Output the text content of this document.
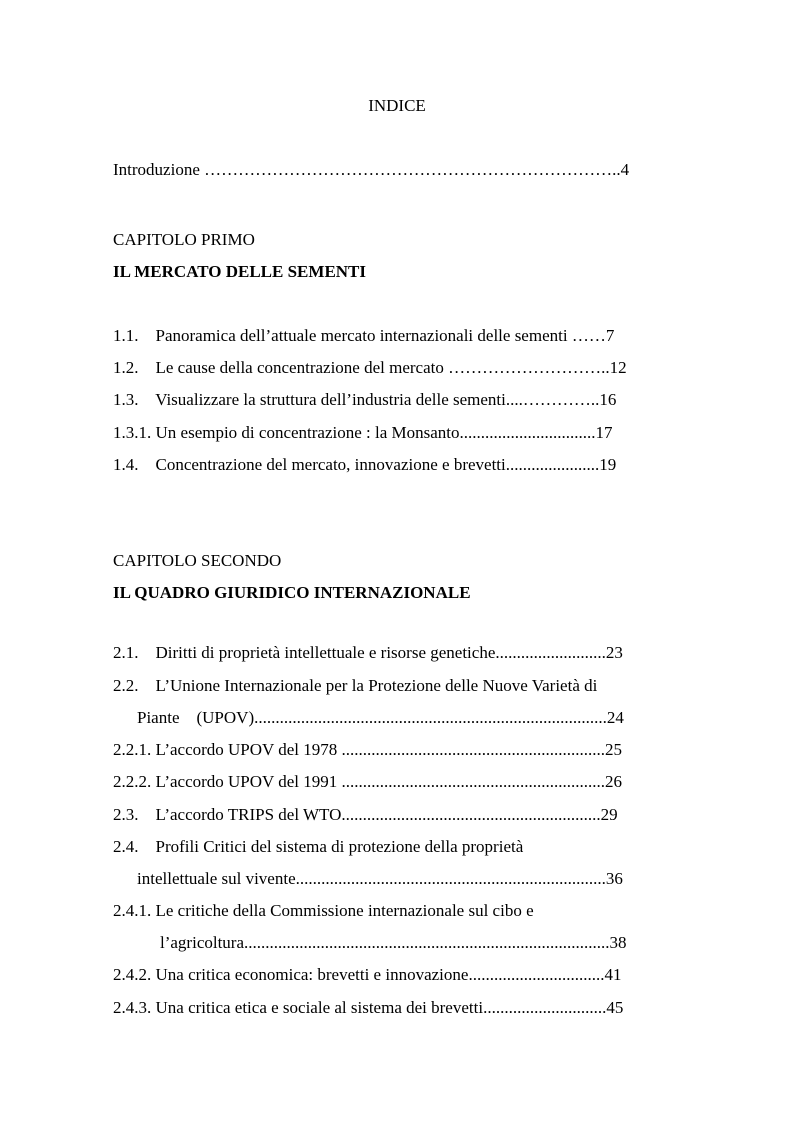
INDICE
Introduzione ………………………………………………………………..4
CAPITOLO PRIMO
IL MERCATO DELLE SEMENTI
1.1. Panoramica dell’attuale mercato internazionali delle sementi ……7
1.2. Le cause della concentrazione del mercato ………………………..12
1.3. Visualizzare la struttura dell’industria delle sementi....…………..16
1.3.1. Un esempio di concentrazione : la Monsanto................................17
1.4. Concentrazione del mercato, innovazione e brevetti......................19
CAPITOLO SECONDO
IL QUADRO GIURIDICO INTERNAZIONALE
2.1. Diritti di proprietà intellettuale e risorse genetiche..........................23
2.2. L’Unione Internazionale per la Protezione delle Nuove Varietà di
Piante    (UPOV)...................................................................................24
2.2.1. L’accordo UPOV del 1978 ..............................................................25
2.2.2. L’accordo UPOV del 1991 ..............................................................26
2.3. L’accordo TRIPS del WTO.............................................................29
2.4. Profili Critici del sistema di protezione della proprietà
intellettuale sul vivente.........................................................................36
2.4.1. Le critiche della Commissione internazionale sul cibo e
l’agricoltura......................................................................................38
2.4.2. Una critica economica: brevetti e innovazione................................41
2.4.3. Una critica etica e sociale al sistema dei brevetti.............................45
